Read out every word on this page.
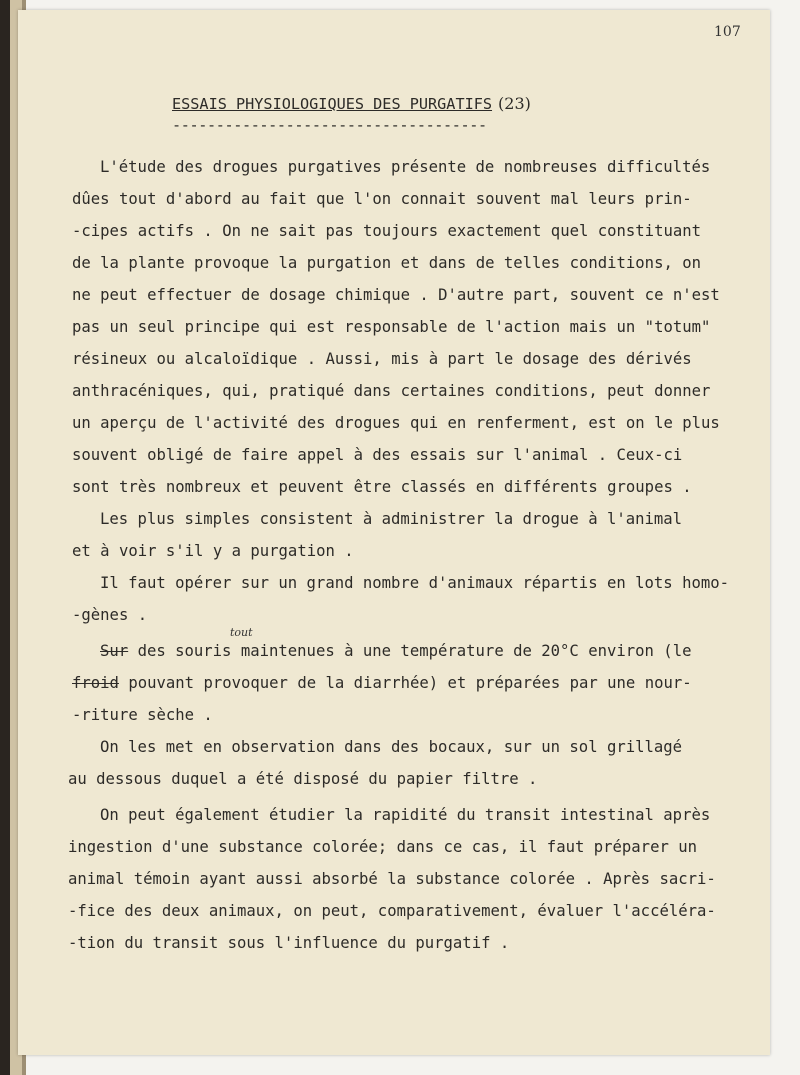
107
ESSAIS PHYSIOLOGIQUES DES PURGATIFS (23)
------------------------------------
L'étude des drogues purgatives présente de nombreuses difficultés
dûes tout d'abord au fait que l'on connait souvent mal leurs prin-
-cipes actifs . On ne sait pas toujours exactement quel constituant
de la plante provoque la purgation et dans de telles conditions, on
ne peut effectuer de dosage chimique . D'autre part, souvent ce n'est
pas un seul principe qui est responsable de l'action mais un "totum"
résineux ou alcaloïdique . Aussi, mis à part le dosage des dérivés
anthracéniques, qui, pratiqué dans certaines conditions, peut donner
un aperçu de l'activité des drogues qui en renferment, est on le plus
souvent obligé de faire appel à des essais sur l'animal . Ceux-ci
sont très nombreux et peuvent être classés en différents groupes .
Les plus simples consistent à administrer la drogue à l'animal
et à voir s'il y a purgation .
Il faut opérer sur un grand nombre d'animaux répartis en lots homo-
-gènes .
tout
Sur des souris maintenues à une température de 20°C environ (le
froid pouvant provoquer de la diarrhée) et préparées par une nour-
-riture sèche .
On les met en observation dans des bocaux, sur un sol grillagé
au dessous duquel a été disposé du papier filtre .
On peut également étudier la rapidité du transit intestinal après
ingestion d'une substance colorée; dans ce cas, il faut préparer un
animal témoin ayant aussi absorbé la substance colorée . Après sacri-
-fice des deux animaux, on peut, comparativement, évaluer l'accéléra-
-tion du transit sous l'influence du purgatif .
